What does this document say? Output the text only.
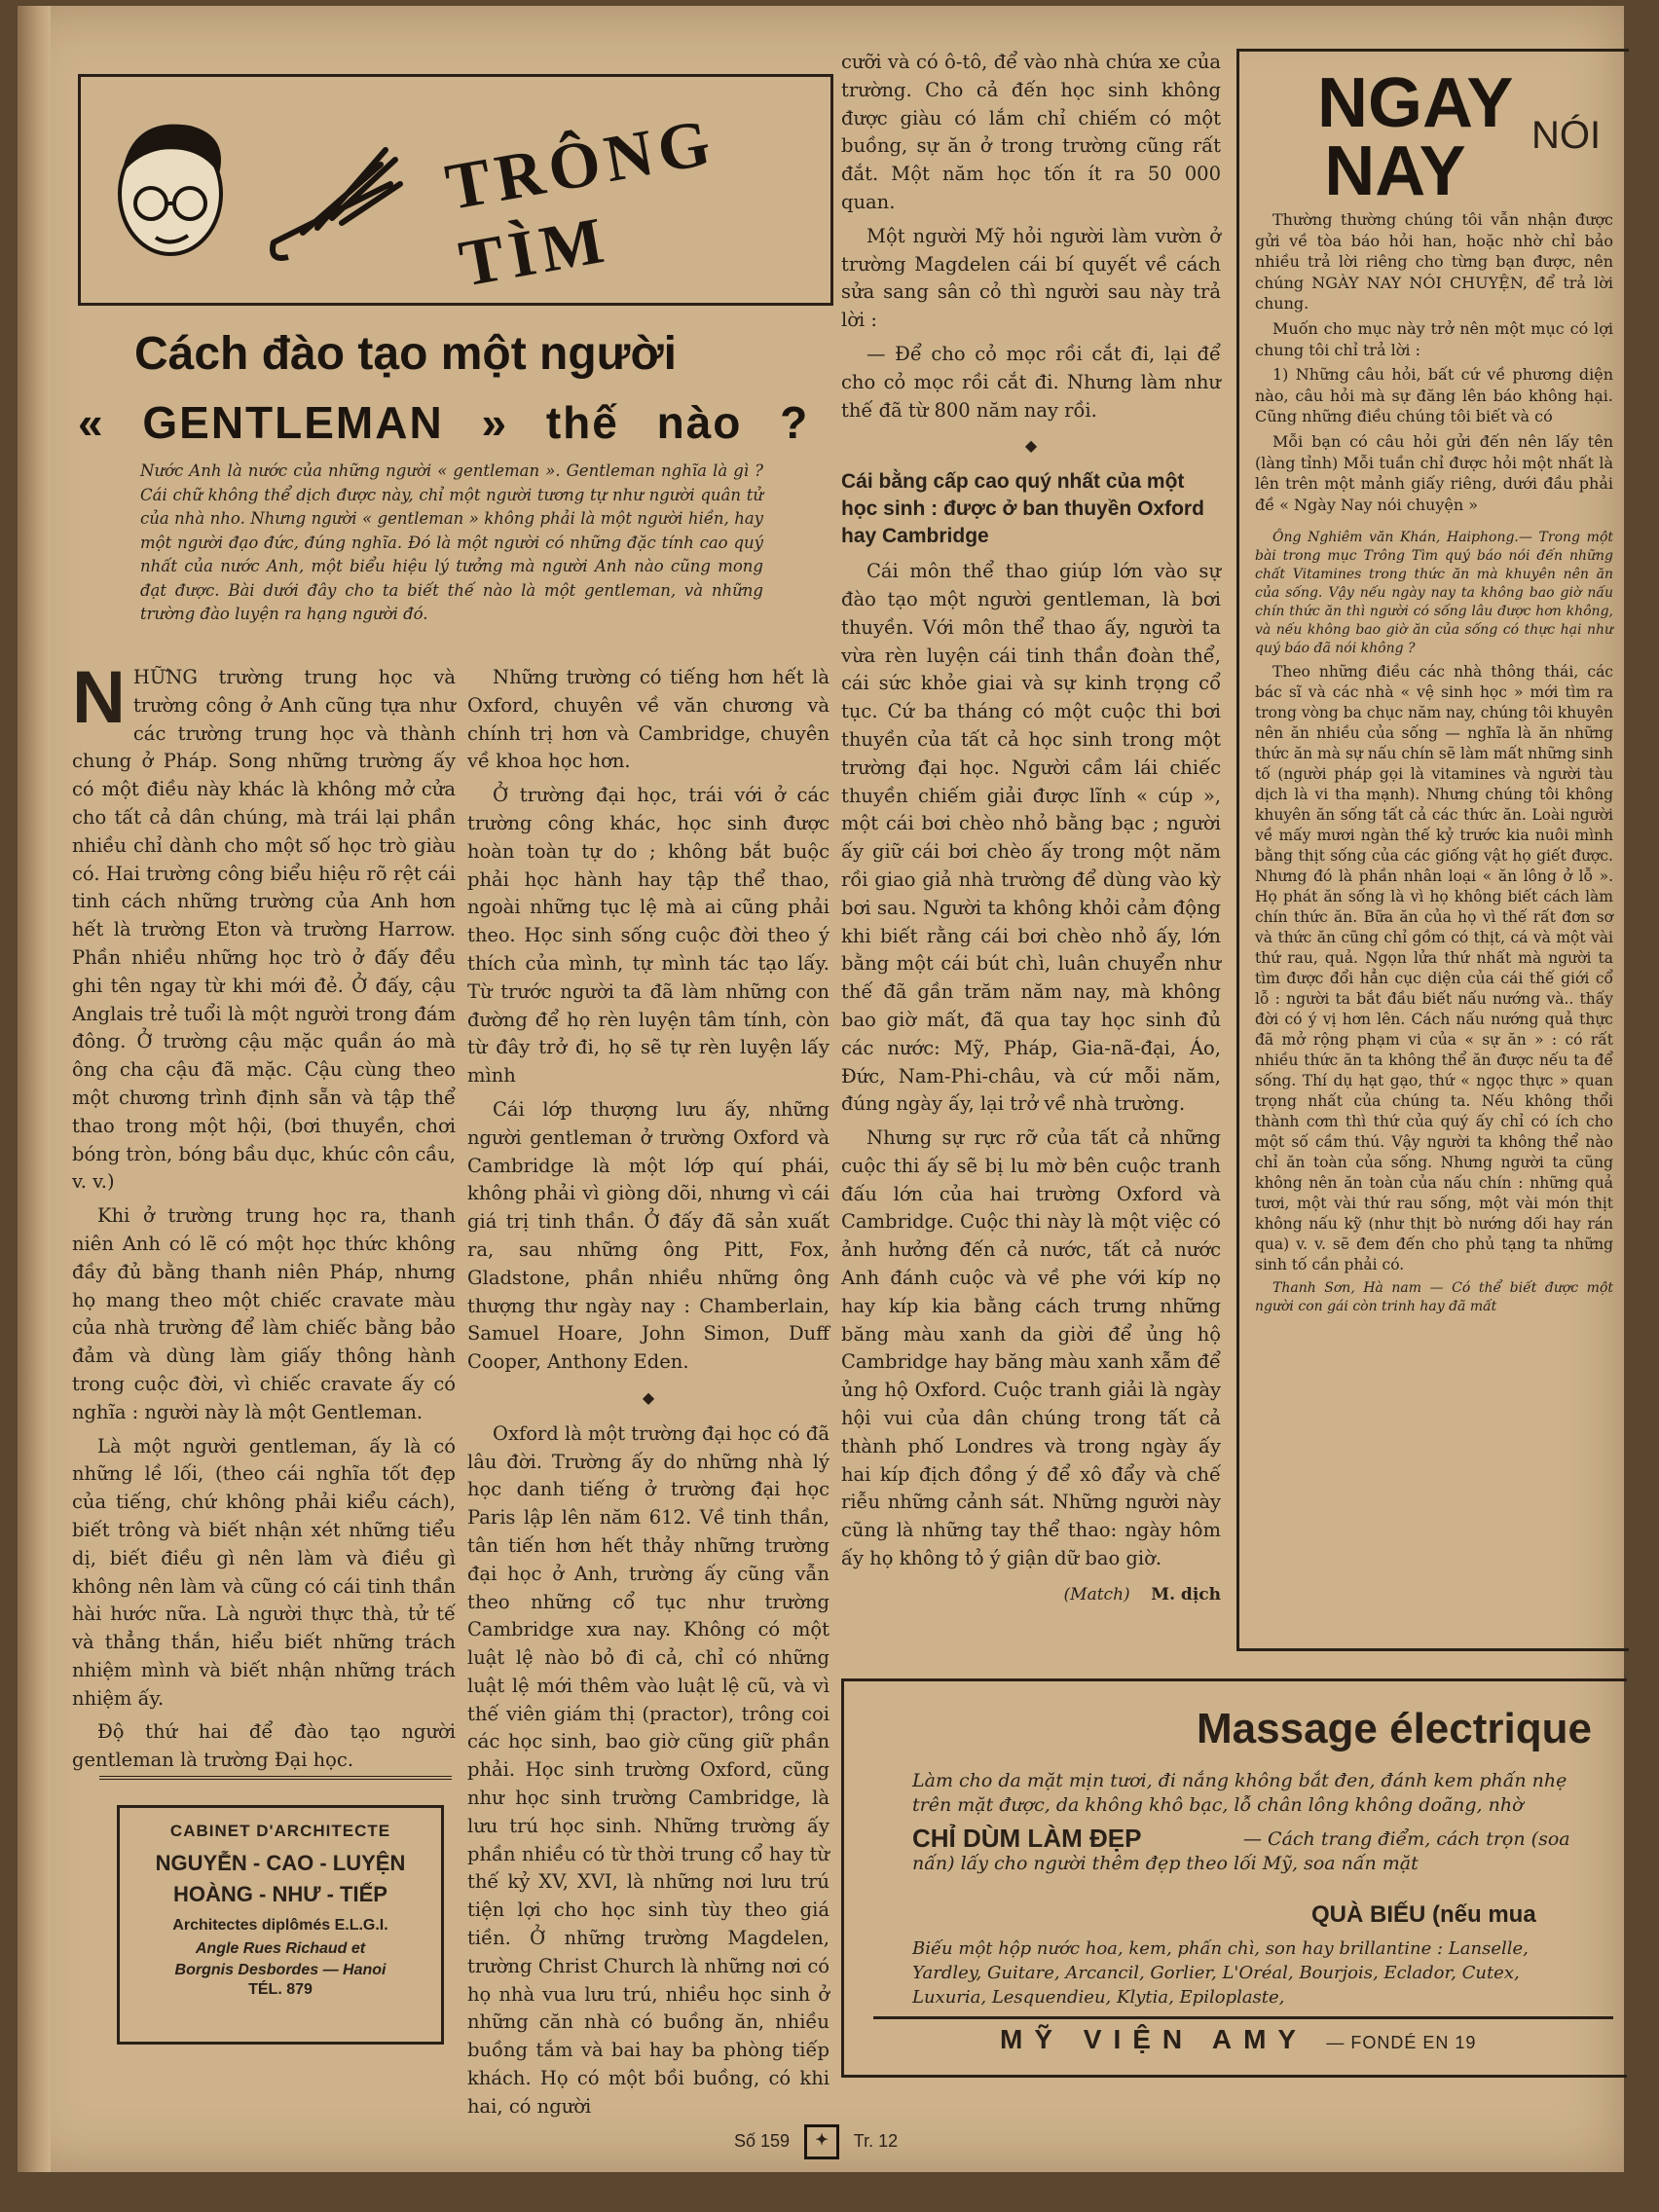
TRÔNG TÌM
Cách đào tạo một người
« GENTLEMAN » thế nào ?
Nước Anh là nước của những người « gentleman ». Gentleman nghĩa là gì ? Cái chữ không thể dịch được này, chỉ một người tương tự như người quân tử của nhà nho. Nhưng người « gentleman » không phải là một người hiền, hay một người đạo đức, đúng nghĩa. Đó là một người có những đặc tính cao quý nhất của nước Anh, một biểu hiệu lý tưởng mà người Anh nào cũng mong đạt được. Bài dưới đây cho ta biết thế nào là một gentleman, và những trường đào luyện ra hạng người đó.

NHỮNG trường trung học và trường công ở Anh cũng tựa như các trường trung học và thành chung ở Pháp. Song những trường ấy có một điều này khác là không mở cửa cho tất cả dân chúng, mà trái lại phần nhiều chỉ dành cho một số học trò giàu có. Hai trường công biểu hiệu rõ rệt cái tinh cách những trường của Anh hơn hết là trường Eton và trường Harrow. Phần nhiều những học trò ở đấy đều ghi tên ngay từ khi mới đẻ. Ở đấy, cậu Anglais trẻ tuổi là một người trong đám đông. Ở trường cậu mặc quần áo mà ông cha cậu đã mặc. Cậu cùng theo một chương trình định sẵn và tập thể thao trong một hội, (bơi thuyền, chơi bóng tròn, bóng bầu dục, khúc côn cầu, v. v.)

Khi ở trường trung học ra, thanh niên Anh có lẽ có một học thức không đầy đủ bằng thanh niên Pháp, nhưng họ mang theo một chiếc cravate màu của nhà trường để làm chiếc bằng bảo đảm và dùng làm giấy thông hành trong cuộc đời, vì chiếc cravate ấy có nghĩa : người này là một Gentleman.

Là một người gentleman, ấy là có những lề lối, (theo cái nghĩa tốt đẹp của tiếng, chứ không phải kiểu cách), biết trông và biết nhận xét những tiểu dị, biết điều gì nên làm và điều gì không nên làm và cũng có cái tinh thần hài hước nữa. Là người thực thà, tử tế và thẳng thắn, hiểu biết những trách nhiệm mình và biết nhận những trách nhiệm ấy.

Độ thứ hai để đào tạo người gentleman là trường Đại học.

CABINET D'ARCHITECTE
NGUYỄN - CAO - LUYỆN
HOÀNG - NHƯ - TIẾP
Architectes diplômés E.L.G.I.
Angle Rues Richaud et
Borgnis Desbordes — Hanoi
TÉL. 879

Những trường có tiếng hơn hết là Oxford, chuyên về văn chương và chính trị hơn và Cambridge, chuyên về khoa học hơn.

Ở trường đại học, trái với ở các trường công khác, học sinh được hoàn toàn tự do ; không bắt buộc phải học hành hay tập thể thao, ngoài những tục lệ mà ai cũng phải theo. Học sinh sống cuộc đời theo ý thích của mình, tự mình tác tạo lấy. Từ trước người ta đã làm những con đường để họ rèn luyện tâm tính, còn từ đây trở đi, họ sẽ tự rèn luyện lấy mình

Cái lớp thượng lưu ấy, những người gentleman ở trường Oxford và Cambridge là một lớp quí phái, không phải vì giòng dõi, nhưng vì cái giá trị tinh thần. Ở đấy đã sản xuất ra, sau những ông Pitt, Fox, Gladstone, phần nhiều những ông thượng thư ngày nay : Chamberlain, Samuel Hoare, John Simon, Duff Cooper, Anthony Eden.

◆

Oxford là một trường đại học có đã lâu đời. Trường ấy do những nhà lý học danh tiếng ở trường đại học Paris lập lên năm 612. Về tinh thần, tân tiến hơn hết thảy những trường đại học ở Anh, trường ấy cũng vẫn theo những cổ tục như trường Cambridge xưa nay. Không có một luật lệ nào bỏ đi cả, chỉ có những luật lệ mới thêm vào luật lệ cũ, và vì thế viên giám thị (practor), trông coi các học sinh, bao giờ cũng giữ phần phải. Học sinh trường Oxford, cũng như học sinh trường Cambridge, là lưu trú học sinh. Những trường ấy phần nhiều có từ thời trung cổ hay từ thế kỷ XV, XVI, là những nơi lưu trú tiện lợi cho học sinh tùy theo giá tiền. Ở những trường Magdelen, trường Christ Church là những nơi có họ nhà vua lưu trú, nhiều học sinh ở những căn nhà có buồng ăn, nhiều buồng tắm và bai hay ba phòng tiếp khách. Họ có một bồi buồng, có khi hai, có người

cưỡi và có ô-tô, để vào nhà chứa xe của trường. Cho cả đến học sinh không được giàu có lắm chỉ chiếm có một buồng, sự ăn ở trong trường cũng rất đắt. Một năm học tốn ít ra 50 000 quan.

Một người Mỹ hỏi người làm vườn ở trường Magdelen cái bí quyết về cách sửa sang sân cỏ thì người sau này trả lời :

— Để cho cỏ mọc rồi cắt đi, lại để cho cỏ mọc rồi cắt đi. Nhưng làm như thế đã từ 800 năm nay rồi.

◆
Cái bằng cấp cao quý nhất của một học sinh : được ở ban thuyền Oxford hay Cambridge

Cái môn thể thao giúp lớn vào sự đào tạo một người gentleman, là bơi thuyền. Với môn thể thao ấy, người ta vừa rèn luyện cái tinh thần đoàn thể, cái sức khỏe giai và sự kinh trọng cổ tục. Cứ ba tháng có một cuộc thi bơi thuyền của tất cả học sinh trong một trường đại học. Người cầm lái chiếc thuyền chiếm giải được lĩnh « cúp », một cái bơi chèo nhỏ bằng bạc ; người ấy giữ cái bơi chèo ấy trong một năm rồi giao giả nhà trường để dùng vào kỳ bơi sau. Người ta không khỏi cảm động khi biết rằng cái bơi chèo nhỏ ấy, lớn bằng một cái bút chì, luân chuyển như thế đã gần trăm năm nay, mà không bao giờ mất, đã qua tay học sinh đủ các nước: Mỹ, Pháp, Gia-nã-đại, Áo, Đức, Nam-Phi-châu, và cứ mỗi năm, đúng ngày ấy, lại trở về nhà trường.

Nhưng sự rực rỡ của tất cả những cuộc thi ấy sẽ bị lu mờ bên cuộc tranh đấu lớn của hai trường Oxford và Cambridge. Cuộc thi này là một việc có ảnh hưởng đến cả nước, tất cả nước Anh đánh cuộc và về phe với kíp nọ hay kíp kia bằng cách trưng những băng màu xanh da giời để ủng hộ Cambridge hay băng màu xanh xẫm để ủng hộ Oxford. Cuộc tranh giải là ngày hội vui của dân chúng trong tất cả thành phố Londres và trong ngày ấy hai kíp địch đồng ý để xô đẩy và chế riễu những cảnh sát. Những người này cũng là những tay thể thao: ngày hôm ấy họ không tỏ ý giận dữ bao giờ.

(Match) M. dịch
NGAY NAY NÓI

Thường thường chúng tôi vẫn nhận được gửi về tòa báo hỏi han, hoặc nhờ chỉ bảo nhiều trả lời riêng cho từng bạn được, nên chúng NGÀY NAY NÓI CHUYỆN, để trả lời chung.

Muốn cho mục này trở nên một mục có lợi chung tôi chỉ trả lời :

1) Những câu hỏi, bất cứ về phương diện nào, câu hỏi mà sự đăng lên báo không hại. Cũng những điều chúng tôi biết và có

Mỗi bạn có câu hỏi gửi đến nên lấy tên (làng tỉnh) Mỗi tuần chỉ được hỏi một nhất là lên trên một mảnh giấy riêng, dưới đầu phải đề « Ngày Nay nói chuyện »

Ông Nghiêm văn Khán, Haiphong.— Trong một bài trong mục Trông Tìm quý báo nói đến những chất Vitamines trong thức ăn mà khuyên nên ăn của sống. Vậy nếu ngày nay ta không bao giờ nấu chín thức ăn thì người có sống lâu được hơn không, và nếu không bao giờ ăn của sống có thực hại như quý báo đã nói không ?

Theo những điều các nhà thông thái, các bác sĩ và các nhà « vệ sinh học » mới tìm ra trong vòng ba chục năm nay, chúng tôi khuyên nên ăn nhiều của sống — nghĩa là ăn những thức ăn mà sự nấu chín sẽ làm mất những sinh tố (người pháp gọi là vitamines và người tàu dịch là vi tha mạnh). Nhưng chúng tôi không khuyên ăn sống tất cả các thức ăn. Loài người về mấy mươi ngàn thế kỷ trước kia nuôi mình bằng thịt sống của các giống vật họ giết được. Nhưng đó là phần nhân loại « ăn lông ở lỗ ». Họ phát ăn sống là vì họ không biết cách làm chín thức ăn. Bữa ăn của họ vì thế rất đơn sơ và thức ăn cũng chỉ gồm có thịt, cá và một vài thứ rau, quả. Ngọn lửa thứ nhất mà người ta tìm được đổi hẳn cục diện của cái thế giới cổ lỗ : người ta bắt đầu biết nấu nướng và.. thấy đời có ý vị hơn lên. Cách nấu nướng quả thực đã mở rộng phạm vi của « sự ăn » : có rất nhiều thức ăn ta không thể ăn được nếu ta để sống. Thí dụ hạt gạo, thứ « ngọc thực » quan trọng nhất của chúng ta. Nếu không thổi thành cơm thì thứ của quý ấy chỉ có ích cho một số cầm thú. Vậy người ta không thể nào chỉ ăn toàn của sống. Nhưng người ta cũng không nên ăn toàn của nấu chín : những quả tươi, một vài thứ rau sống, một vài món thịt không nấu kỹ (như thịt bò nướng dối hay rán qua) v. v. sẽ đem đến cho phủ tạng ta những sinh tố cần phải có.

Thanh Sơn, Hà nam — Có thể biết được một người con gái còn trinh hay đã mất

Massage électrique
Làm cho da mặt mịn tươi, đi nắng không bắt đen, đánh kem phấn nhẹ trên mặt được, da không khô bạc, lỗ chân lông không doãng, nhờ
CHỈ DÙM LÀM ĐẸP	— Cách trang điểm, cách trọn (soa nấn) lấy cho người thêm đẹp theo lối Mỹ, soa nấn mặt
QUÀ BIẾU (nếu mua
Biếu một hộp nước hoa, kem, phấn chì, son hay brillantine : Lanselle, Yardley, Guitare, Arcancil, Gorlier, L'Oréal, Bourjois, Eclador, Cutex, Luxuria, Lesquendieu, Klytia, Epiloplaste,
MỸ VIỆN AMY — FONDÉ EN 19
Số 159 ✦ Tr. 12
